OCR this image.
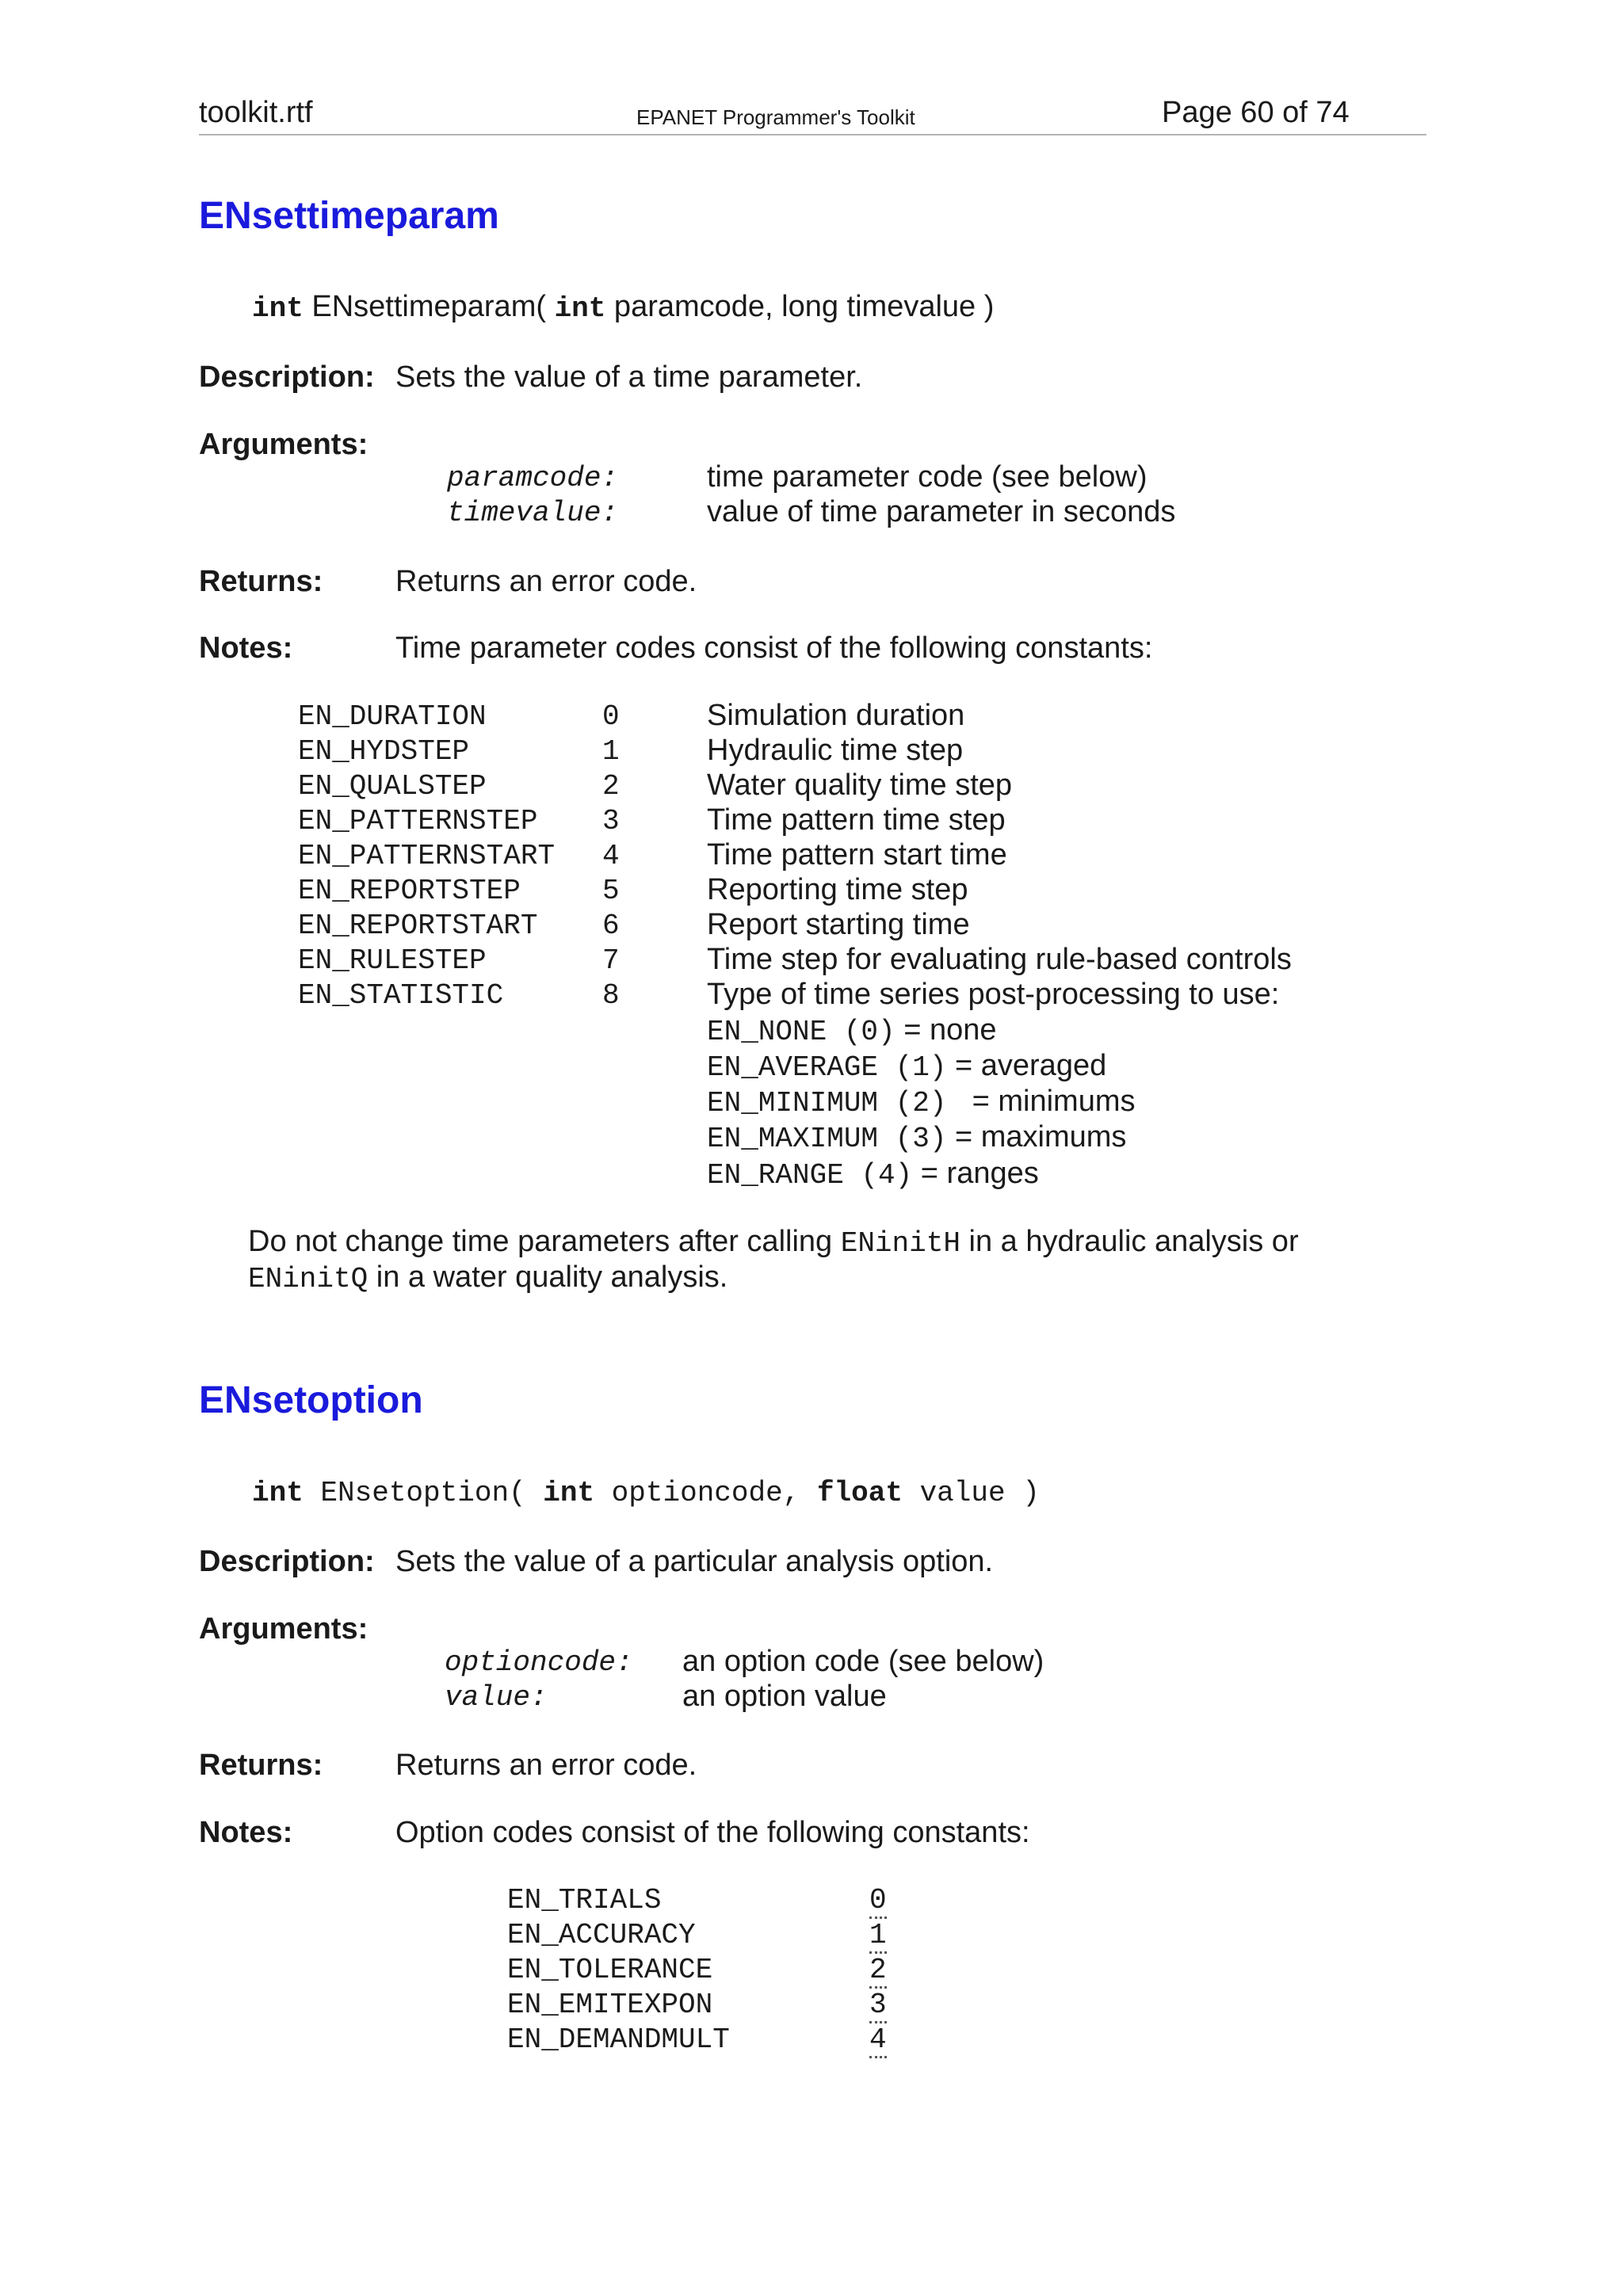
toolkit.rtf	EPANET Programmer's Toolkit	Page 60 of 74
ENsettimeparam
int ENsettimeparam( int paramcode, long timevalue )
Description: Sets the value of a time parameter.
Arguments:
paramcode:	time parameter code (see below)
timevalue:	value of time parameter in seconds
Returns: Returns an error code.
Notes:	Time parameter codes consist of the following constants:
EN_DURATION	0	Simulation duration
EN_HYDSTEP	1	Hydraulic time step
EN_QUALSTEP	2	Water quality time step
EN_PATTERNSTEP 3	Time pattern time step
EN_PATTERNSTART 4	Time pattern start time
EN_REPORTSTEP	5	Reporting time step
EN_REPORTSTART 6	Report starting time
EN_RULESTEP	7	Time step for evaluating rule-based controls
EN_STATISTIC	8	Type of time series post-processing to use:
EN_NONE (0) = none
EN_AVERAGE (1) = averaged
EN_MINIMUM (2)  = minimums
EN_MAXIMUM (3) = maximums
EN_RANGE (4) = ranges
Do not change time parameters after calling ENinitH in a hydraulic analysis or
ENinitQ in a water quality analysis.
ENsetoption
int ENsetoption( int optioncode, float value )
Description: Sets the value of a particular analysis option.
Arguments:
optioncode: an option code (see below)
value:	an option value
Returns: Returns an error code.
Notes:	Option codes consist of the following constants:
EN_TRIALS	0
EN_ACCURACY	1
EN_TOLERANCE	2
EN_EMITEXPON	3
EN_DEMANDMULT	4
